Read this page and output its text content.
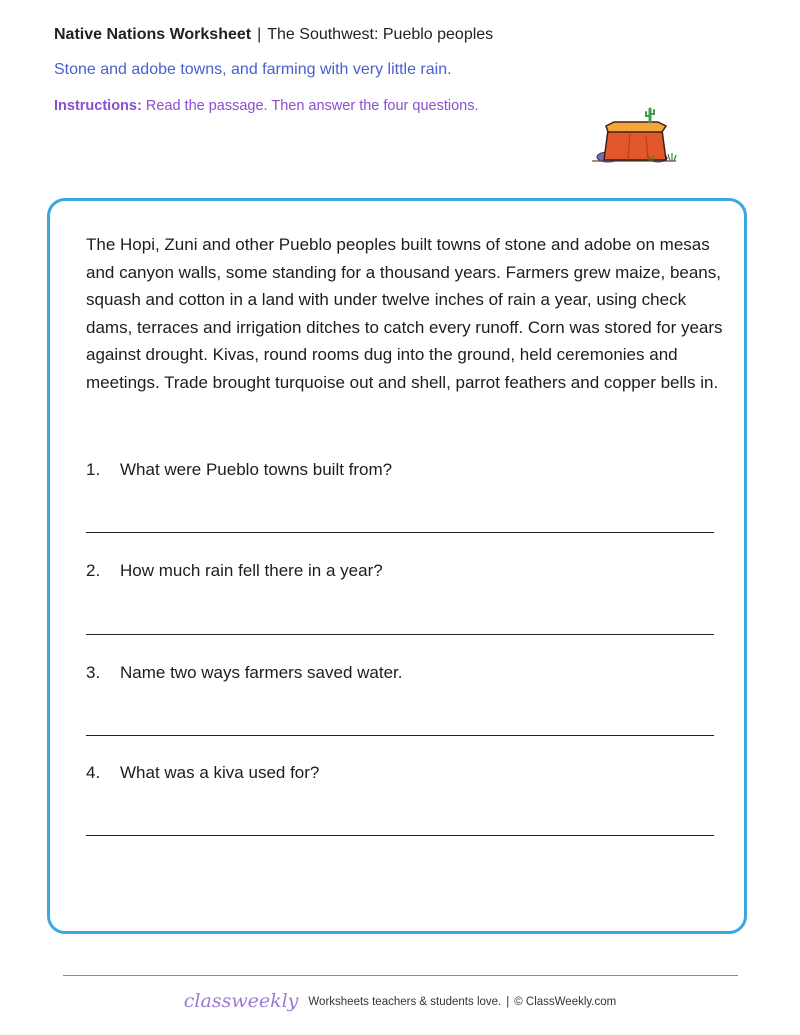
Native Nations Worksheet | The Southwest: Pueblo peoples
Stone and adobe towns, and farming with very little rain.
Instructions: Read the passage. Then answer the four questions.
The Hopi, Zuni and other Pueblo peoples built towns of stone and adobe on mesas and canyon walls, some standing for a thousand years. Farmers grew maize, beans, squash and cotton in a land with under twelve inches of rain a year, using check dams, terraces and irrigation ditches to catch every runoff. Corn was stored for years against drought. Kivas, round rooms dug into the ground, held ceremonies and meetings. Trade brought turquoise out and shell, parrot feathers and copper bells in.
1. What were Pueblo towns built from?
2. How much rain fell there in a year?
3. Name two ways farmers saved water.
4. What was a kiva used for?
classweekly Worksheets teachers & students love. | © ClassWeekly.com
